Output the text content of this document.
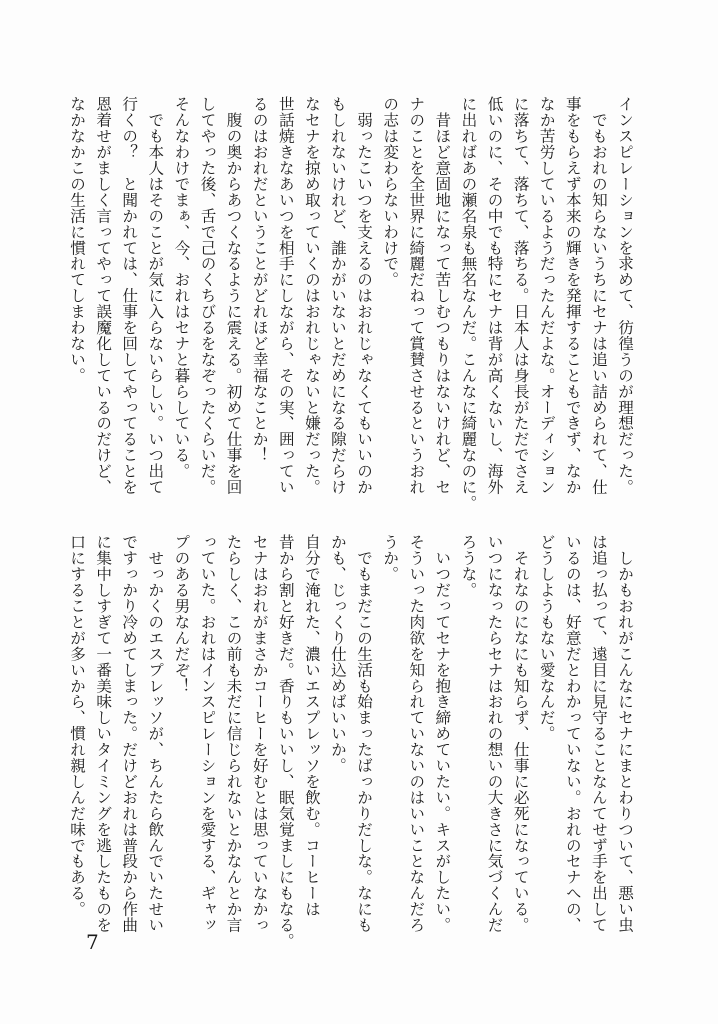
インスピレーションを求めて、彷徨うのが理想だった。
　でもおれの知らないうちにセナは追い詰められて、仕
事をもらえず本来の輝きを発揮することもできず、なか
なか苦労しているようだったんだよな。オーディション
に落ちて、落ちて、落ちる。日本人は身長がただでさえ
低いのに、その中でも特にセナは背が高くないし、海外
に出ればあの瀬名泉も無名なんだ。こんなに綺麗なのに。
　昔ほど意固地になって苦しむつもりはないけれど、セ
ナのことを全世界に綺麗だねって賞賛させるというおれ
の志は変わらないわけで。
　弱ったこいつを支えるのはおれじゃなくてもいいのか
もしれないけれど、誰かがいないとだめになる隙だらけ
なセナを掠め取っていくのはおれじゃないと嫌だった。
世話焼きなあいつを相手にしながら、その実、囲ってい
るのはおれだということがどれほど幸福なことか！
　腹の奥からあつくなるように震える。初めて仕事を回
してやった後、舌で己のくちびるをなぞったくらいだ。
そんなわけでまぁ、今、おれはセナと暮らしている。
　でも本人はそのことが気に入らないらしい。いつ出て
行くの？　と聞かれては、仕事を回してやってることを
恩着せがましく言ってやって誤魔化しているのだけど、
なかなかこの生活に慣れてしまわない。
　しかもおれがこんなにセナにまとわりついて、悪い虫
は追っ払って、遠目に見守ることなんてせず手を出して
いるのは、好意だとわかっていない。おれのセナへの、
どうしようもない愛なんだ。
　それなのになにも知らず、仕事に必死になっている。
いつになったらセナはおれの想いの大きさに気づくんだ
ろうな。
　いつだってセナを抱き締めていたい。キスがしたい。
そういった肉欲を知られていないのはいいことなんだろ
うか。
　でもまだこの生活も始まったばっかりだしな。なにも
かも、じっくり仕込めばいいか。
自分で淹れた、濃いエスプレッソを飲む。コーヒーは
昔から割と好きだ。香りもいいし、眠気覚ましにもなる。
セナはおれがまさかコーヒーを好むとは思っていなかっ
たらしく、この前も未だに信じられないとかなんとか言
っていた。おれはインスピレーションを愛する、ギャッ
プのある男なんだぞ！
　せっかくのエスプレッソが、ちんたら飲んでいたせい
ですっかり冷めてしまった。だけどおれは普段から作曲
に集中しすぎて一番美味しいタイミングを逃したものを
口にすることが多いから、慣れ親しんだ味でもある。
7
